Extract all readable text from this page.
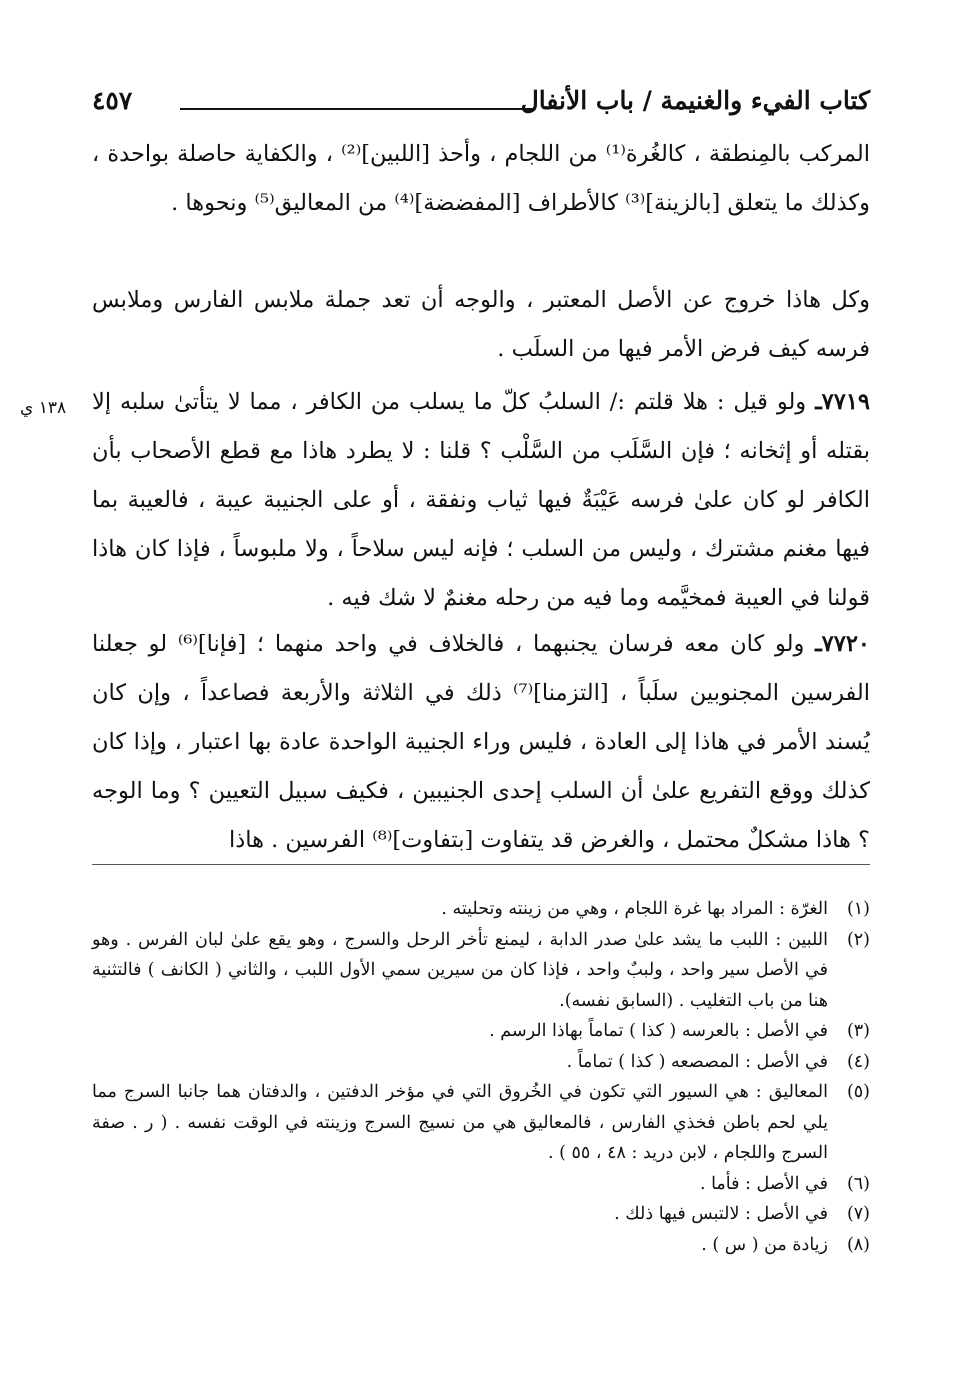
كتاب الفيء والغنيمة / باب الأنفال
٤٥٧
١٣٨ ي

المركب بالمِنطقة ، كالغُرة⁽¹⁾ من اللجام ، وأحذ [اللبين]⁽²⁾ ، والكفاية حاصلة بواحدة ، وكذلك ما يتعلق [بالزينة]⁽³⁾ كالأطراف [المفضضة]⁽⁴⁾ من المعاليق⁽⁵⁾ ونحوها .

وكل هاذا خروج عن الأصل المعتبر ، والوجه أن تعد جملة ملابس الفارس وملابس فرسه كيف فرض الأمر فيها من السلَب .

٧٧١٩ـ ولو قيل : هلا قلتم :/ السلبُ كلّ ما يسلب من الكافر ، مما لا يتأتىٰ سلبه إلا بقتله أو إثخانه ؛ فإن السَّلَب من السَّلْب ؟ قلنا : لا يطرد هاذا مع قطع الأصحاب بأن الكافر لو كان علىٰ فرسه عَيْبَةٌ فيها ثياب ونفقة ، أو على الجنيبة عيبة ، فالعيبة بما فيها مغنم مشترك ، وليس من السلب ؛ فإنه ليس سلاحاً ، ولا ملبوساً ، فإذا كان هاذا قولنا في العيبة فمخيَّمه وما فيه من رحله مغنمٌ لا شك فيه .

٧٧٢٠ـ ولو كان معه فرسان يجنبهما ، فالخلاف في واحد منهما ؛ [فإنا]⁽⁶⁾ لو جعلنا الفرسين المجنوبين سلَباً ، [التزمنا]⁽⁷⁾ ذلك في الثلاثة والأربعة فصاعداً ، وإن كان يُسند الأمر في هاذا إلى العادة ، فليس وراء الجنيبة الواحدة عادة بها اعتبار ، وإذا كان كذلك ووقع التفريع علىٰ أن السلب إحدى الجنيبين ، فكيف سبيل التعيين ؟ وما الوجه ؟ هاذا مشكلٌ محتمل ، والغرض قد يتفاوت [بتفاوت]⁽⁸⁾ الفرسين . هاذا

(١)
الغرّة : المراد بها غرة اللجام ، وهي من زينته وتحليته .
(٢)
اللبين : اللبب ما يشد علىٰ صدر الدابة ، ليمنع تأخر الرحل والسرج ، وهو يقع علىٰ لبان الفرس . وهو في الأصل سير واحد ، ولببٌ واحد ، فإذا كان من سيرين سمي الأول اللبب ، والثاني ( الكانف ) فالتثنية هنا من باب التغليب . (السابق نفسه).
(٣)
في الأصل : بالعرسه ( كذا ) تماماً بهاذا الرسم .
(٤)
في الأصل : المصصعه ( كذا ) تماماً .
(٥)
المعاليق : هي السيور التي تكون في الخُروق التي في مؤخر الدفتين ، والدفتان هما جانبا السرج مما يلي لحم باطن فخذي الفارس ، فالمعاليق هي من نسيج السرج وزينته في الوقت نفسه . ( ر . صفة السرج واللجام ، لابن دريد : ٤٨ ، ٥٥ ) .
(٦)
في الأصل : فأما .
(٧)
في الأصل : لالتبس فيها ذلك .
(٨)
زيادة من ( س ) .
